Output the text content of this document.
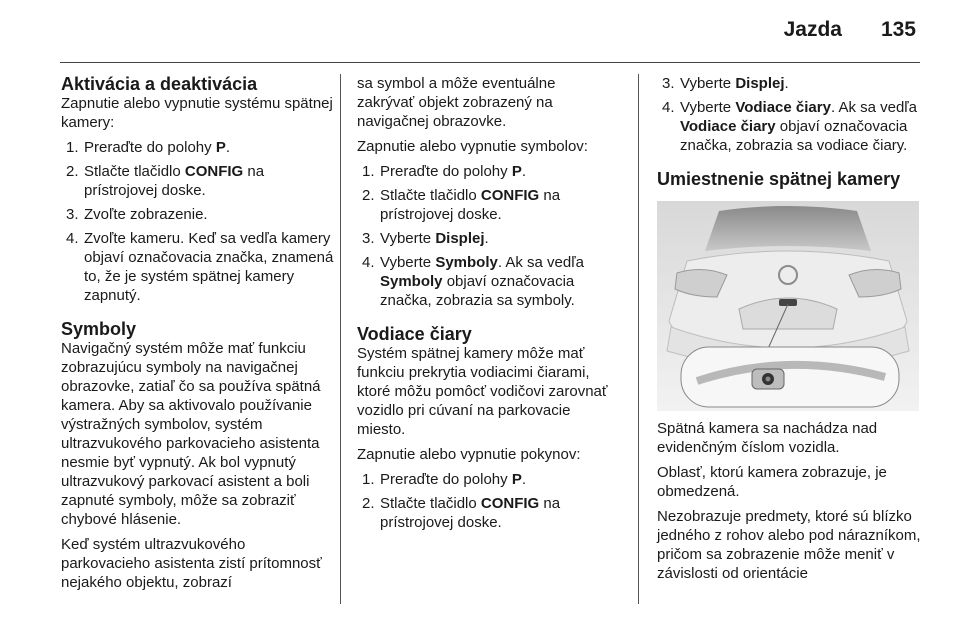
Jazda 135
Aktivácia a deaktivácia

Zapnutie alebo vypnutie systému spätnej kamery:

1. Preraďte do polohy P.
2. Stlačte tlačidlo CONFIG na prístrojovej doske.
3. Zvoľte zobrazenie.
4. Zvoľte kameru. Keď sa vedľa kamery objaví označovacia značka, znamená to, že je systém spätnej kamery zapnutý.
Symboly

Navigačný systém môže mať funkciu zobrazujúcu symboly na navigačnej obrazovke, zatiaľ čo sa používa spätná kamera. Aby sa aktivovalo používanie výstražných symbolov, systém ultrazvukového parkovacieho asistenta nesmie byť vypnutý. Ak bol vypnutý ultrazvukový parkovací asistent a boli zapnuté symboly, môže sa zobraziť chybové hlásenie.

Keď systém ultrazvukového parkovacieho asistenta zistí prítomnosť nejakého objektu, zobrazí

sa symbol a môže eventuálne zakrývať objekt zobrazený na navigačnej obrazovke.

Zapnutie alebo vypnutie symbolov:

1. Preraďte do polohy P.
2. Stlačte tlačidlo CONFIG na prístrojovej doske.
3. Vyberte Displej.
4. Vyberte Symboly. Ak sa vedľa Symboly objaví označovacia značka, zobrazia sa symboly.
Vodiace čiary

Systém spätnej kamery môže mať funkciu prekrytia vodiacimi čiarami, ktoré môžu pomôcť vodičovi zarovnať vozidlo pri cúvaní na parkovacie miesto.

Zapnutie alebo vypnutie pokynov:

1. Preraďte do polohy P.
2. Stlačte tlačidlo CONFIG na prístrojovej doske.
3. Vyberte Displej.
4. Vyberte Vodiace čiary. Ak sa vedľa Vodiace čiary objaví označovacia značka, zobrazia sa vodiace čiary.
Umiestnenie spätnej kamery

Spätná kamera sa nachádza nad evidenčným číslom vozidla.

Oblasť, ktorú kamera zobrazuje, je obmedzená.

Nezobrazuje predmety, ktoré sú blízko jedného z rohov alebo pod nárazníkom, pričom sa zobrazenie môže meniť v závislosti od orientácie
